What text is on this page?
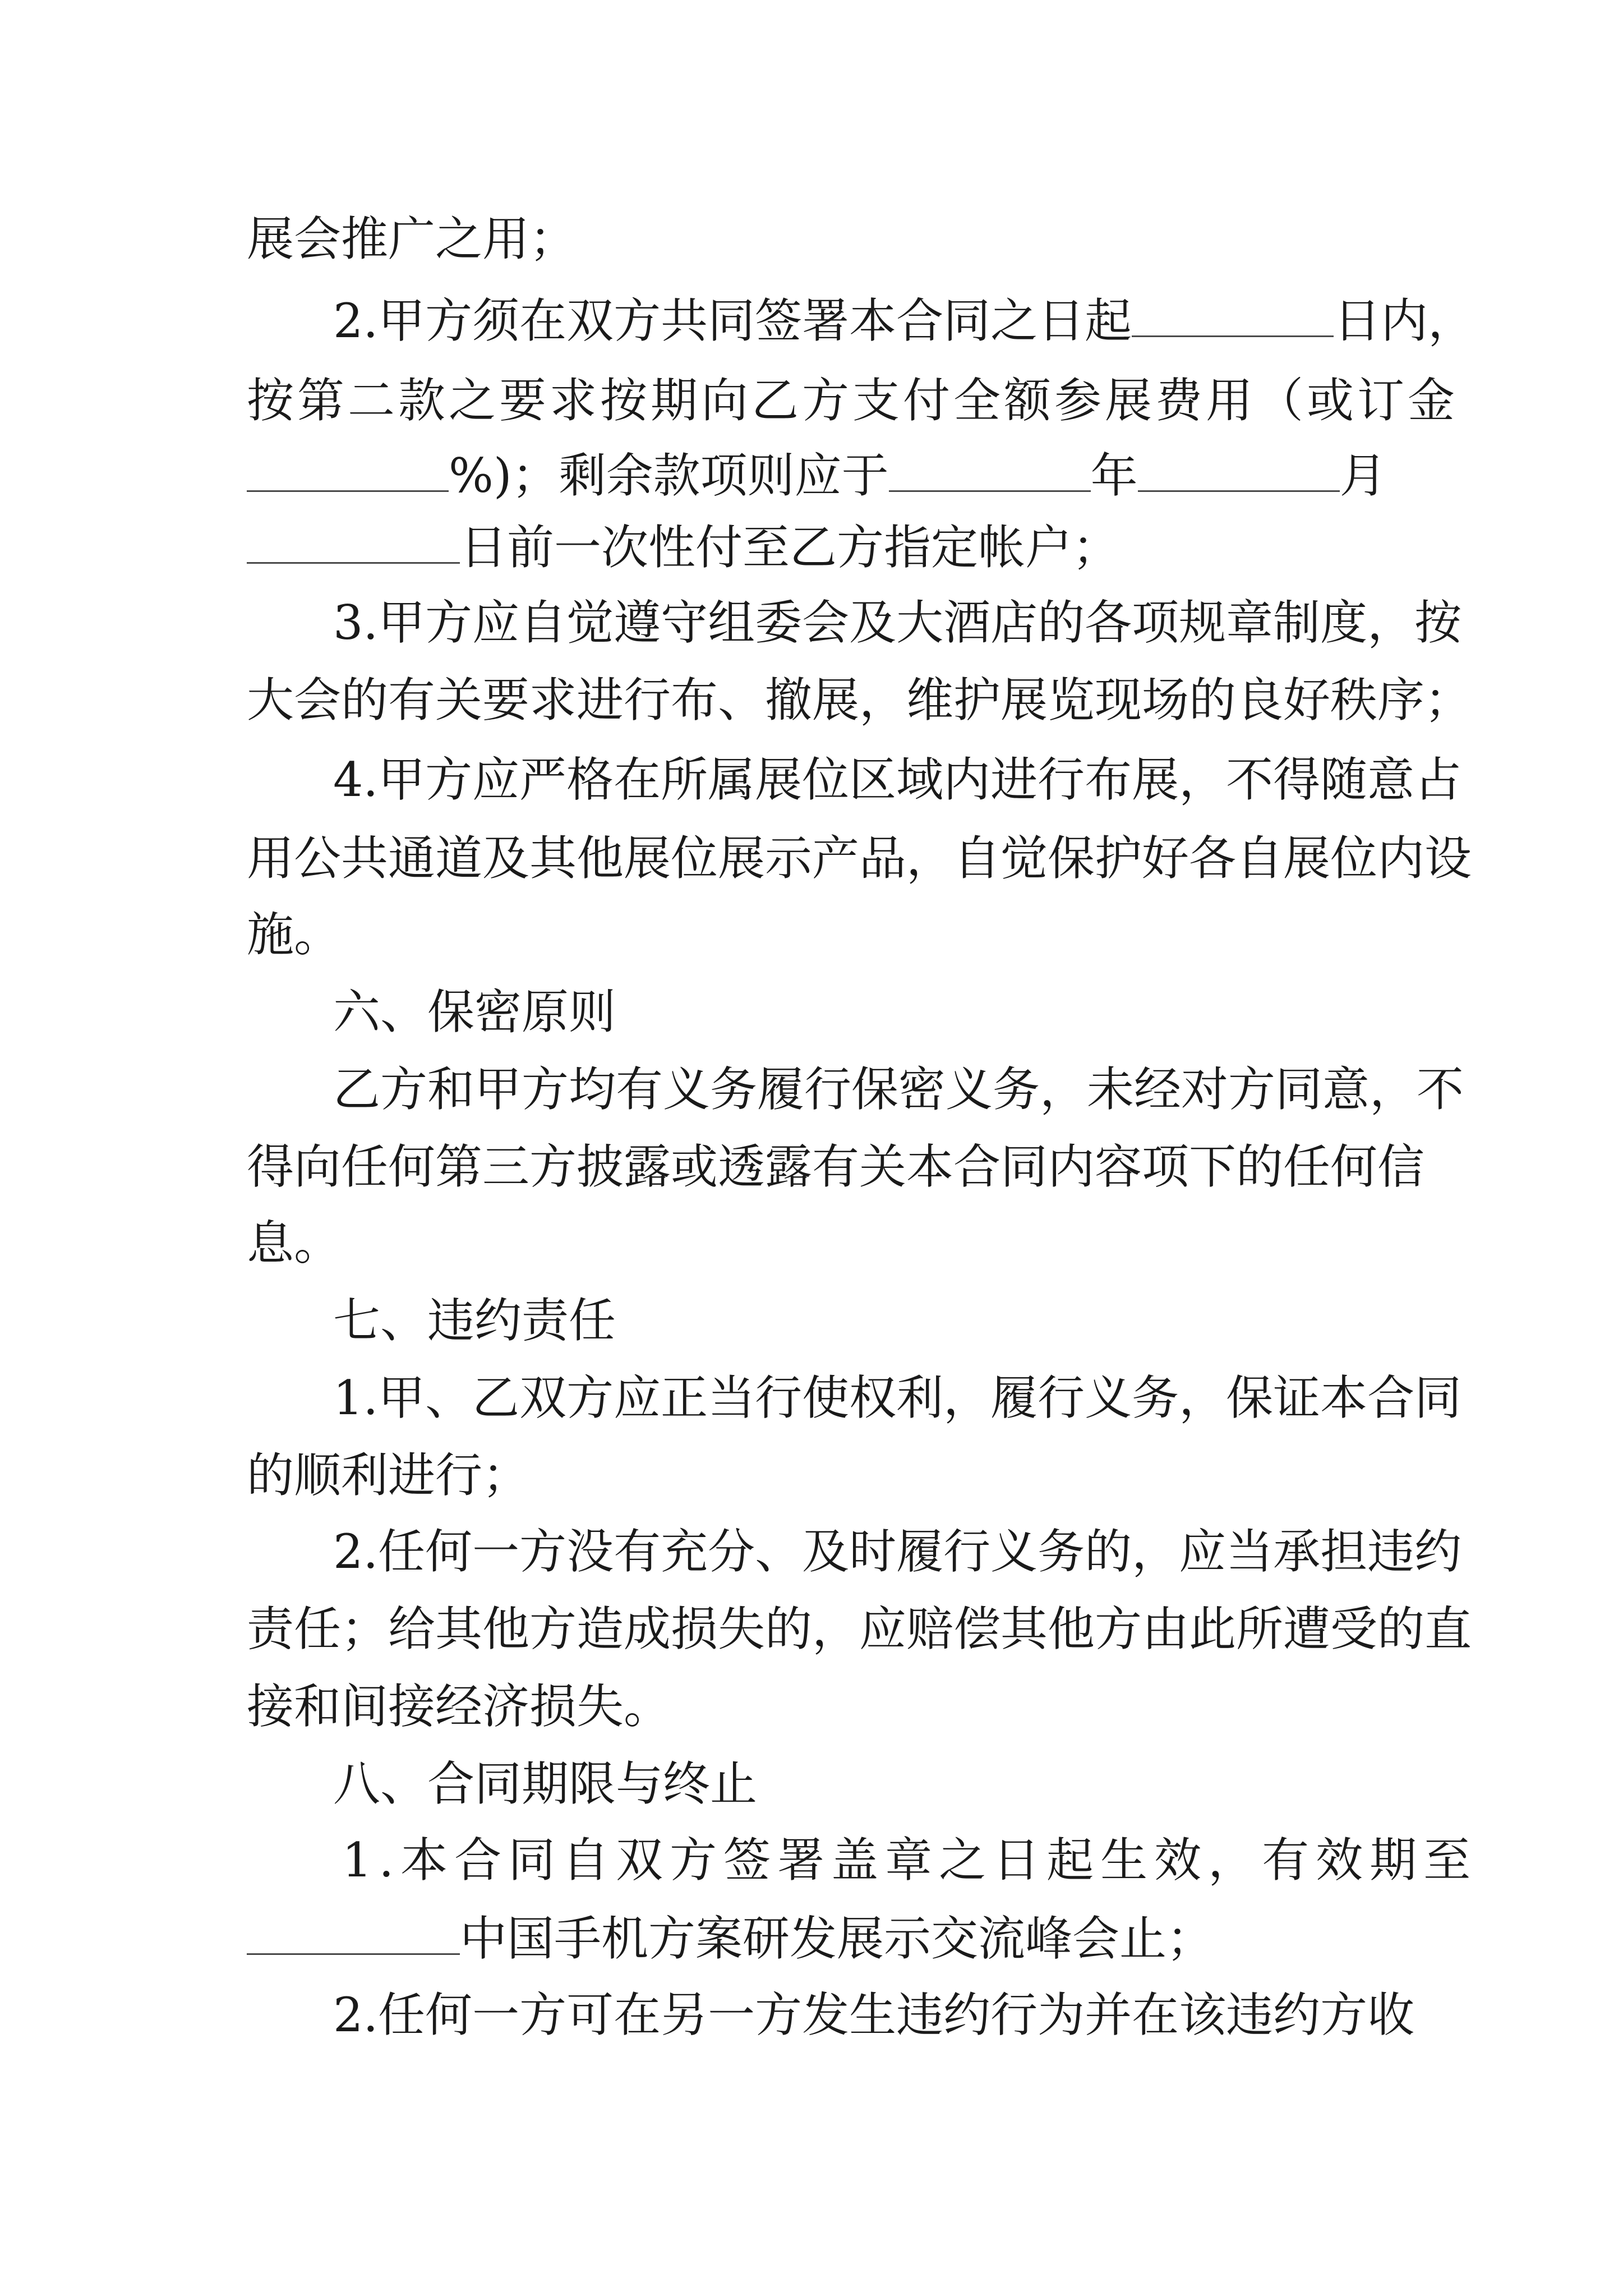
展会推广之用；
2.甲方须在双方共同签署本合同之日起	日内，
按第二款之要求按期向乙方支付全额参展费用（或订金
%)；剩余款项则应于	年	月
日前一次性付至乙方指定帐户；
3.甲方应自觉遵守组委会及大酒店的各项规章制度，按
大会的有关要求进行布、撤展，维护展览现场的良好秩序；
4.甲方应严格在所属展位区域内进行布展，不得随意占
用公共通道及其他展位展示产品，自觉保护好各自展位内设
施。
六、保密原则
乙方和甲方均有义务履行保密义务，未经对方同意，不
得向任何第三方披露或透露有关本合同内容项下的任何信
息。
七、违约责任
1.甲、乙双方应正当行使权利，履行义务，保证本合同
的顺利进行；
2.任何一方没有充分、及时履行义务的，应当承担违约
责任；给其他方造成损失的，应赔偿其他方由此所遭受的直
接和间接经济损失。
八、合同期限与终止
1.本合同自双方签署盖章之日起生效，有效期至
中国手机方案研发展示交流峰会止；
2.任何一方可在另一方发生违约行为并在该违约方收
